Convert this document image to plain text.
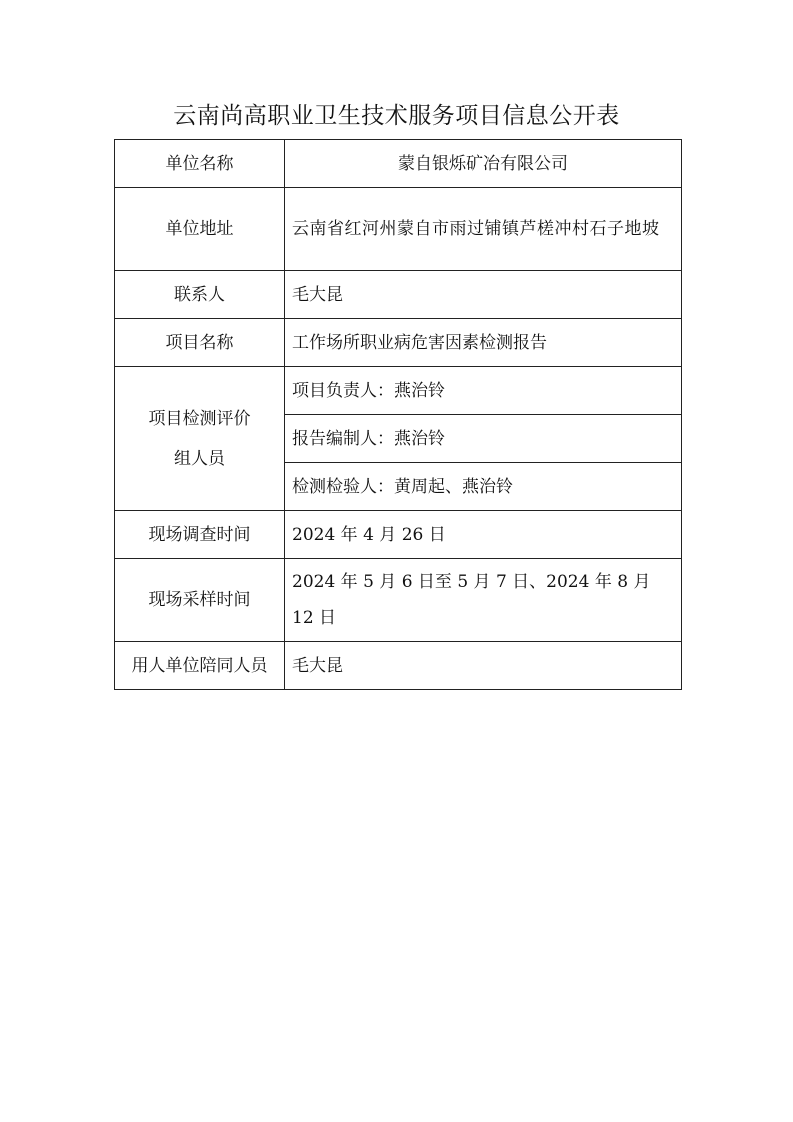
云南尚高职业卫生技术服务项目信息公开表
单位名称	蒙自银烁矿冶有限公司
单位地址	云南省红河州蒙自市雨过铺镇芦槎冲村石子地坡

联系人	毛大昆
项目名称	工作场所职业病危害因素检测报告

项目检测评价
组人员	项目负责人：燕治铃
	报告编制人：燕治铃
	检测检验人：黄周起、燕治铃
现场调查时间	2024 年 4 月 26 日
现场采样时间	2024 年 5 月 6 日至 5 月 7 日、2024 年 8 月 12 日

用人单位陪同人员	毛大昆
